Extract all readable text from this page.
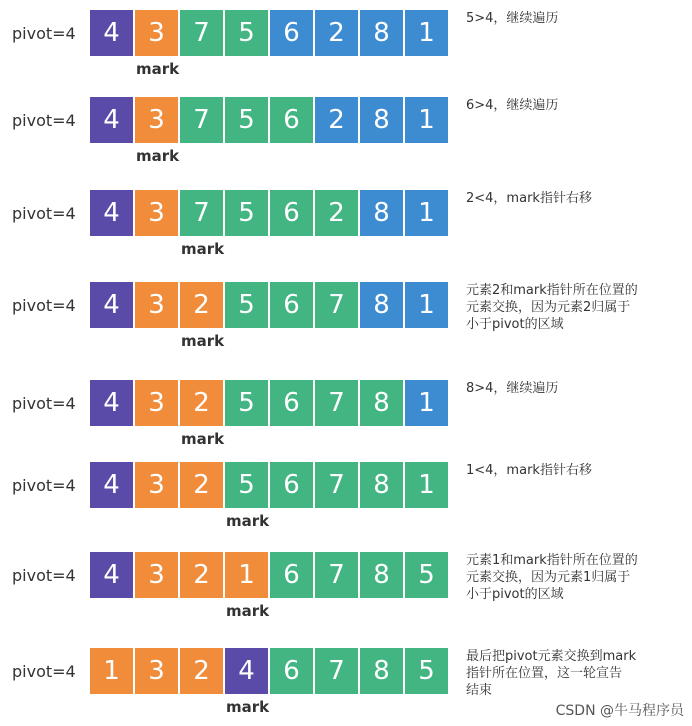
pivot=4	4	3	7	5	6	2	8	1
mark
5>4，继续遍历
pivot=4	4	3	7	5	6	2	8	1
mark
6>4，继续遍历
pivot=4	4	3	7	5	6	2	8	1
mark
2<4，mark指针右移
pivot=4	4	3	2	5	6	7	8	1
mark
元素2和mark指针所在位置的
元素交换，因为元素2归属于
小于pivot的区域
pivot=4	4	3	2	5	6	7	8	1
mark
8>4，继续遍历
pivot=4	4	3	2	5	6	7	8	1
mark
1<4，mark指针右移
pivot=4	4	3	2	1	6	7	8	5
mark
元素1和mark指针所在位置的
元素交换，因为元素1归属于
小于pivot的区域
pivot=4	1	3	2	4	6	7	8	5
mark
最后把pivot元素交换到mark
指针所在位置，这一轮宣告
结束
CSDN @牛马程序员
